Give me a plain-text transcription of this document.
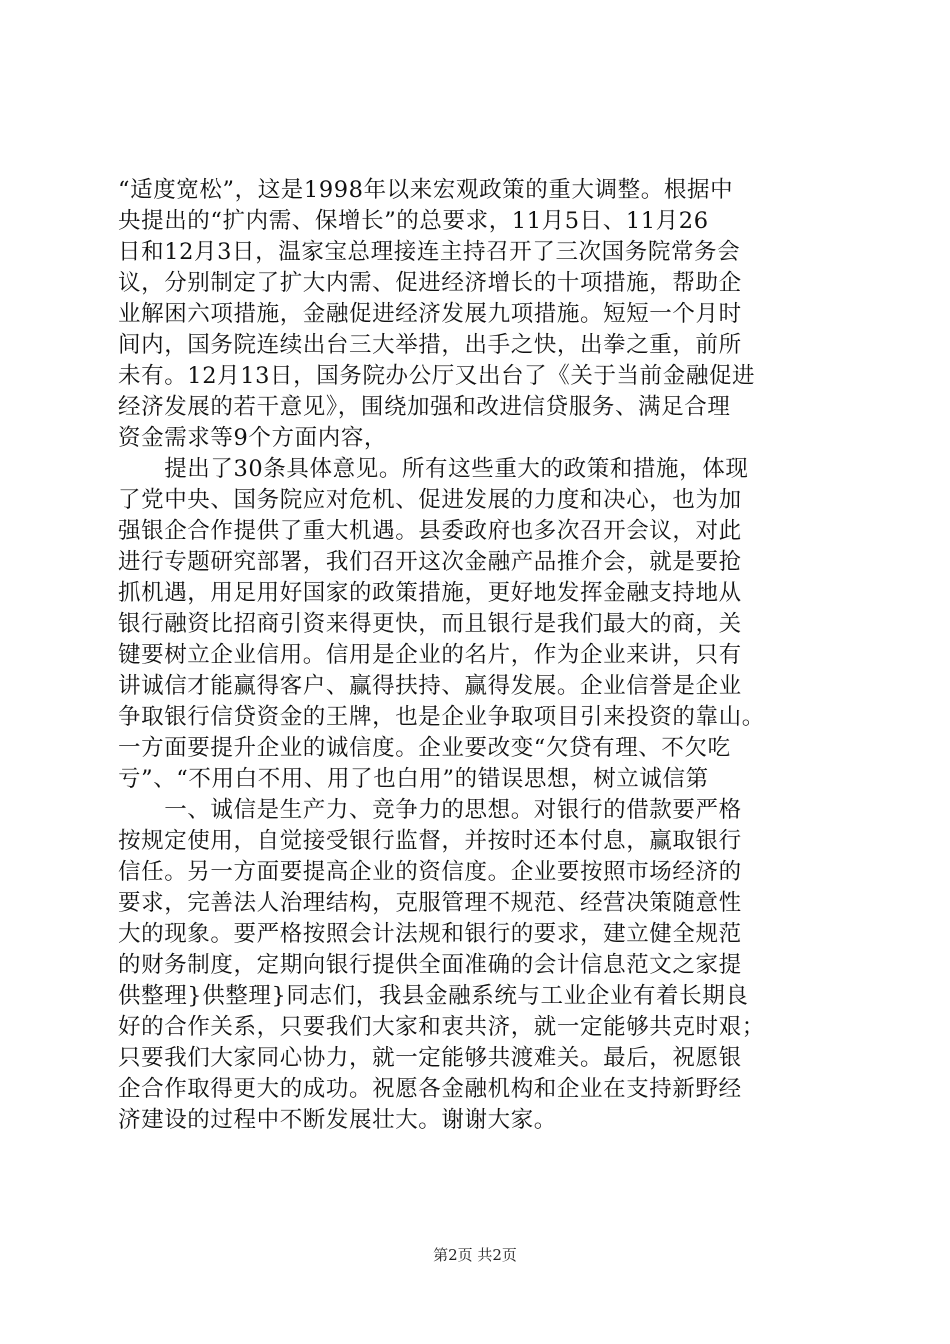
“适度宽松”，这是1998年以来宏观政策的重大调整。根据中
央提出的“扩内需、保增长”的总要求，11月5日、11月26
日和12月3日，温家宝总理接连主持召开了三次国务院常务会
议，分别制定了扩大内需、促进经济增长的十项措施，帮助企
业解困六项措施，金融促进经济发展九项措施。短短一个月时
间内，国务院连续出台三大举措，出手之快，出拳之重，前所
未有。12月13日，国务院办公厅又出台了《关于当前金融促进
经济发展的若干意见》，围绕加强和改进信贷服务、满足合理
资金需求等9个方面内容，
　　提出了30条具体意见。所有这些重大的政策和措施，体现
了党中央、国务院应对危机、促进发展的力度和决心，也为加
强银企合作提供了重大机遇。县委政府也多次召开会议，对此
进行专题研究部署，我们召开这次金融产品推介会，就是要抢
抓机遇，用足用好国家的政策措施，更好地发挥金融支持地从
银行融资比招商引资来得更快，而且银行是我们最大的商，关
键要树立企业信用。信用是企业的名片，作为企业来讲，只有
讲诚信才能赢得客户、赢得扶持、赢得发展。企业信誉是企业
争取银行信贷资金的王牌，也是企业争取项目引来投资的靠山。
一方面要提升企业的诚信度。企业要改变“欠贷有理、不欠吃
亏”、“不用白不用、用了也白用”的错误思想，树立诚信第
　　一、诚信是生产力、竞争力的思想。对银行的借款要严格
按规定使用，自觉接受银行监督，并按时还本付息，赢取银行
信任。另一方面要提高企业的资信度。企业要按照市场经济的
要求，完善法人治理结构，克服管理不规范、经营决策随意性
大的现象。要严格按照会计法规和银行的要求，建立健全规范
的财务制度，定期向银行提供全面准确的会计信息范文之家提
供整理}供整理}同志们，我县金融系统与工业企业有着长期良
好的合作关系，只要我们大家和衷共济，就一定能够共克时艰；
只要我们大家同心协力，就一定能够共渡难关。最后，祝愿银
企合作取得更大的成功。祝愿各金融机构和企业在支持新野经
济建设的过程中不断发展壮大。谢谢大家。
第2页 共2页
